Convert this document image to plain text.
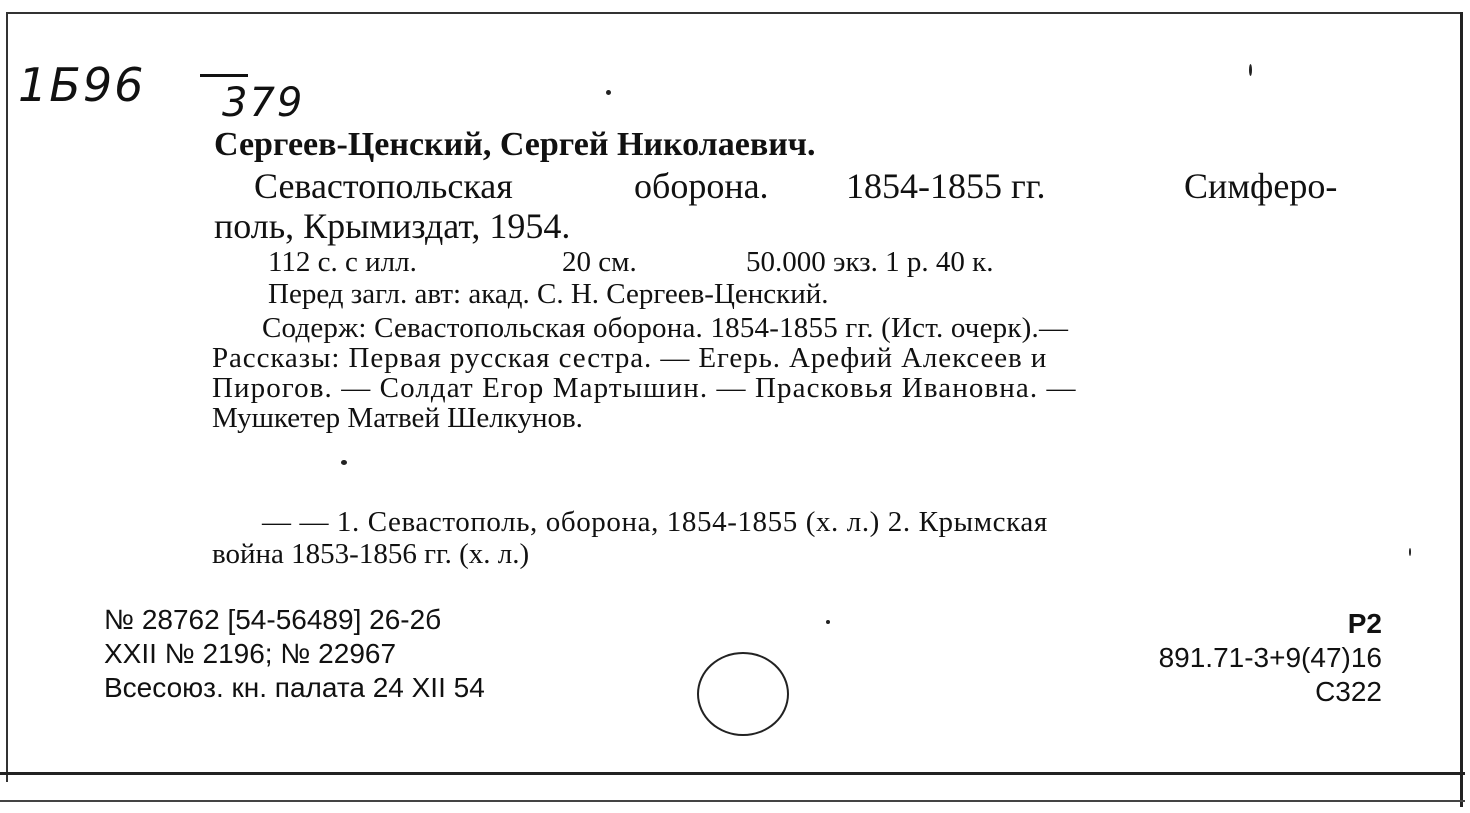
1Б96 379
Сергеев-Ценский, Сергей Николаевич.
Севастопольская	оборона. 1854-1855 гг.	Симферо-
поль, Крымиздат, 1954.
112 с. с илл.	20 см.	50.000 экз. 1 р. 40 к.
Перед загл. авт: акад. С. Н. Сергеев-Ценский.
Содерж: Севастопольская оборона. 1854-1855 гг. (Ист. очерк).—
Рассказы: Первая русская сестра. — Егерь. Арефий Алексеев и
Пирогов. — Солдат Егор Мартышин. — Прасковья Ивановна. —
Мушкетер Матвей Шелкунов.
— — 1. Севастополь, оборона, 1854-1855 (х. л.) 2. Крымская
война 1853-1856 гг. (х. л.)
№ 28762 [54-56489] 26-2б
XXII № 2196; № 22967
Всесоюз. кн. палата 24 XII 54
Р2
891.71-3+9(47)16
С322
